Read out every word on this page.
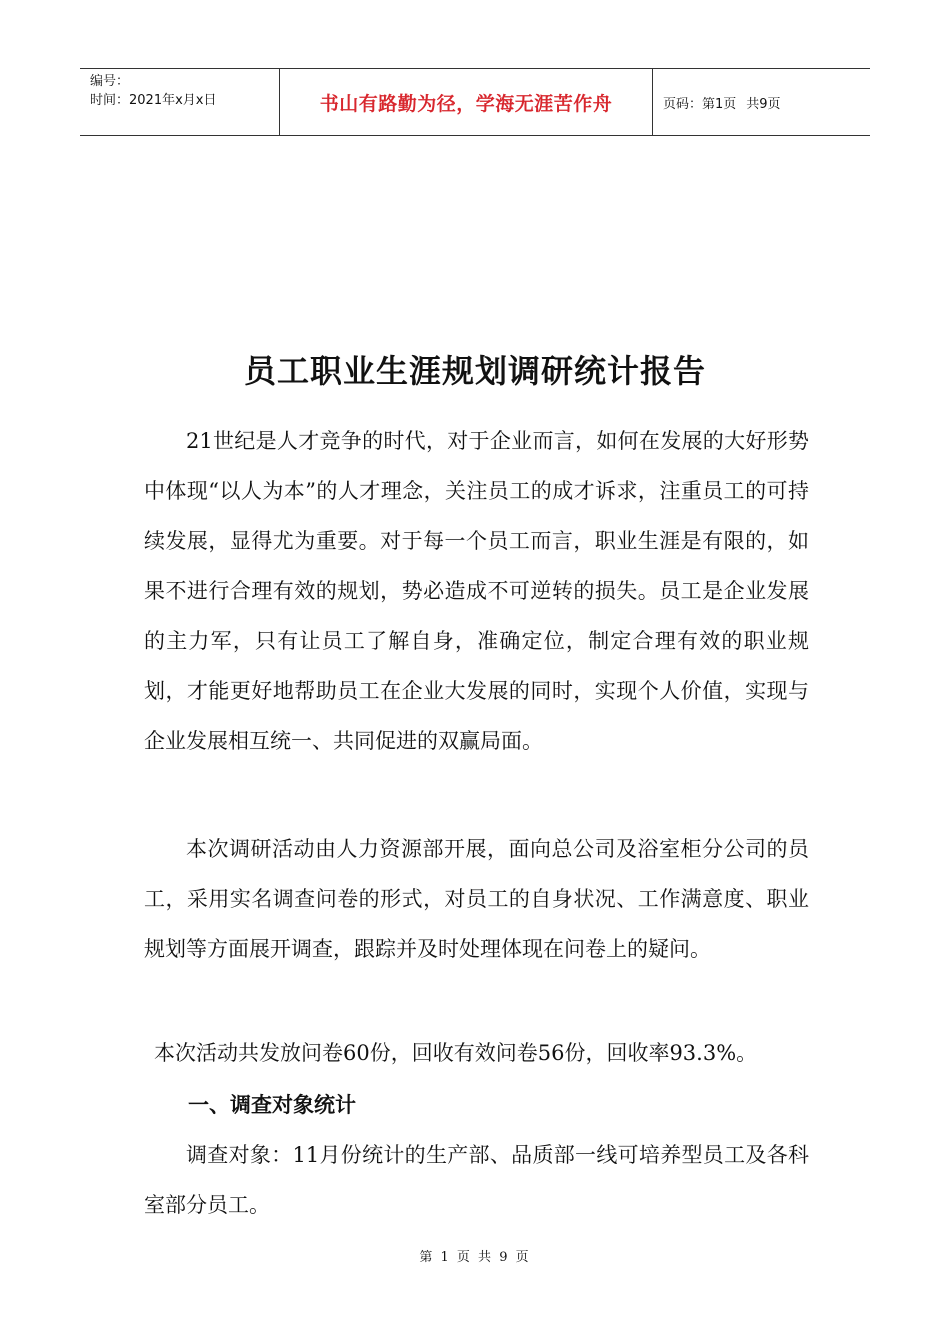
编号：
时间：2021年x月x日	书山有路勤为径，学海无涯苦作舟	页码：第1页 共9页
员工职业生涯规划调研统计报告

21世纪是人才竞争的时代，对于企业而言，如何在发展的大好形势中体现“以人为本”的人才理念，关注员工的成才诉求，注重员工的可持续发展，显得尤为重要。对于每一个员工而言，职业生涯是有限的，如果不进行合理有效的规划，势必造成不可逆转的损失。员工是企业发展的主力军，只有让员工了解自身，准确定位，制定合理有效的职业规划，才能更好地帮助员工在企业大发展的同时，实现个人价值，实现与企业发展相互统一、共同促进的双赢局面。

本次调研活动由人力资源部开展，面向总公司及浴室柜分公司的员工，采用实名调查问卷的形式，对员工的自身状况、工作满意度、职业规划等方面展开调查，跟踪并及时处理体现在问卷上的疑问。

本次活动共发放问卷60份，回收有效问卷56份，回收率93.3%。
一、调查对象统计

调查对象：11月份统计的生产部、品质部一线可培养型员工及各科室部分员工。

第 1 页 共 9 页
